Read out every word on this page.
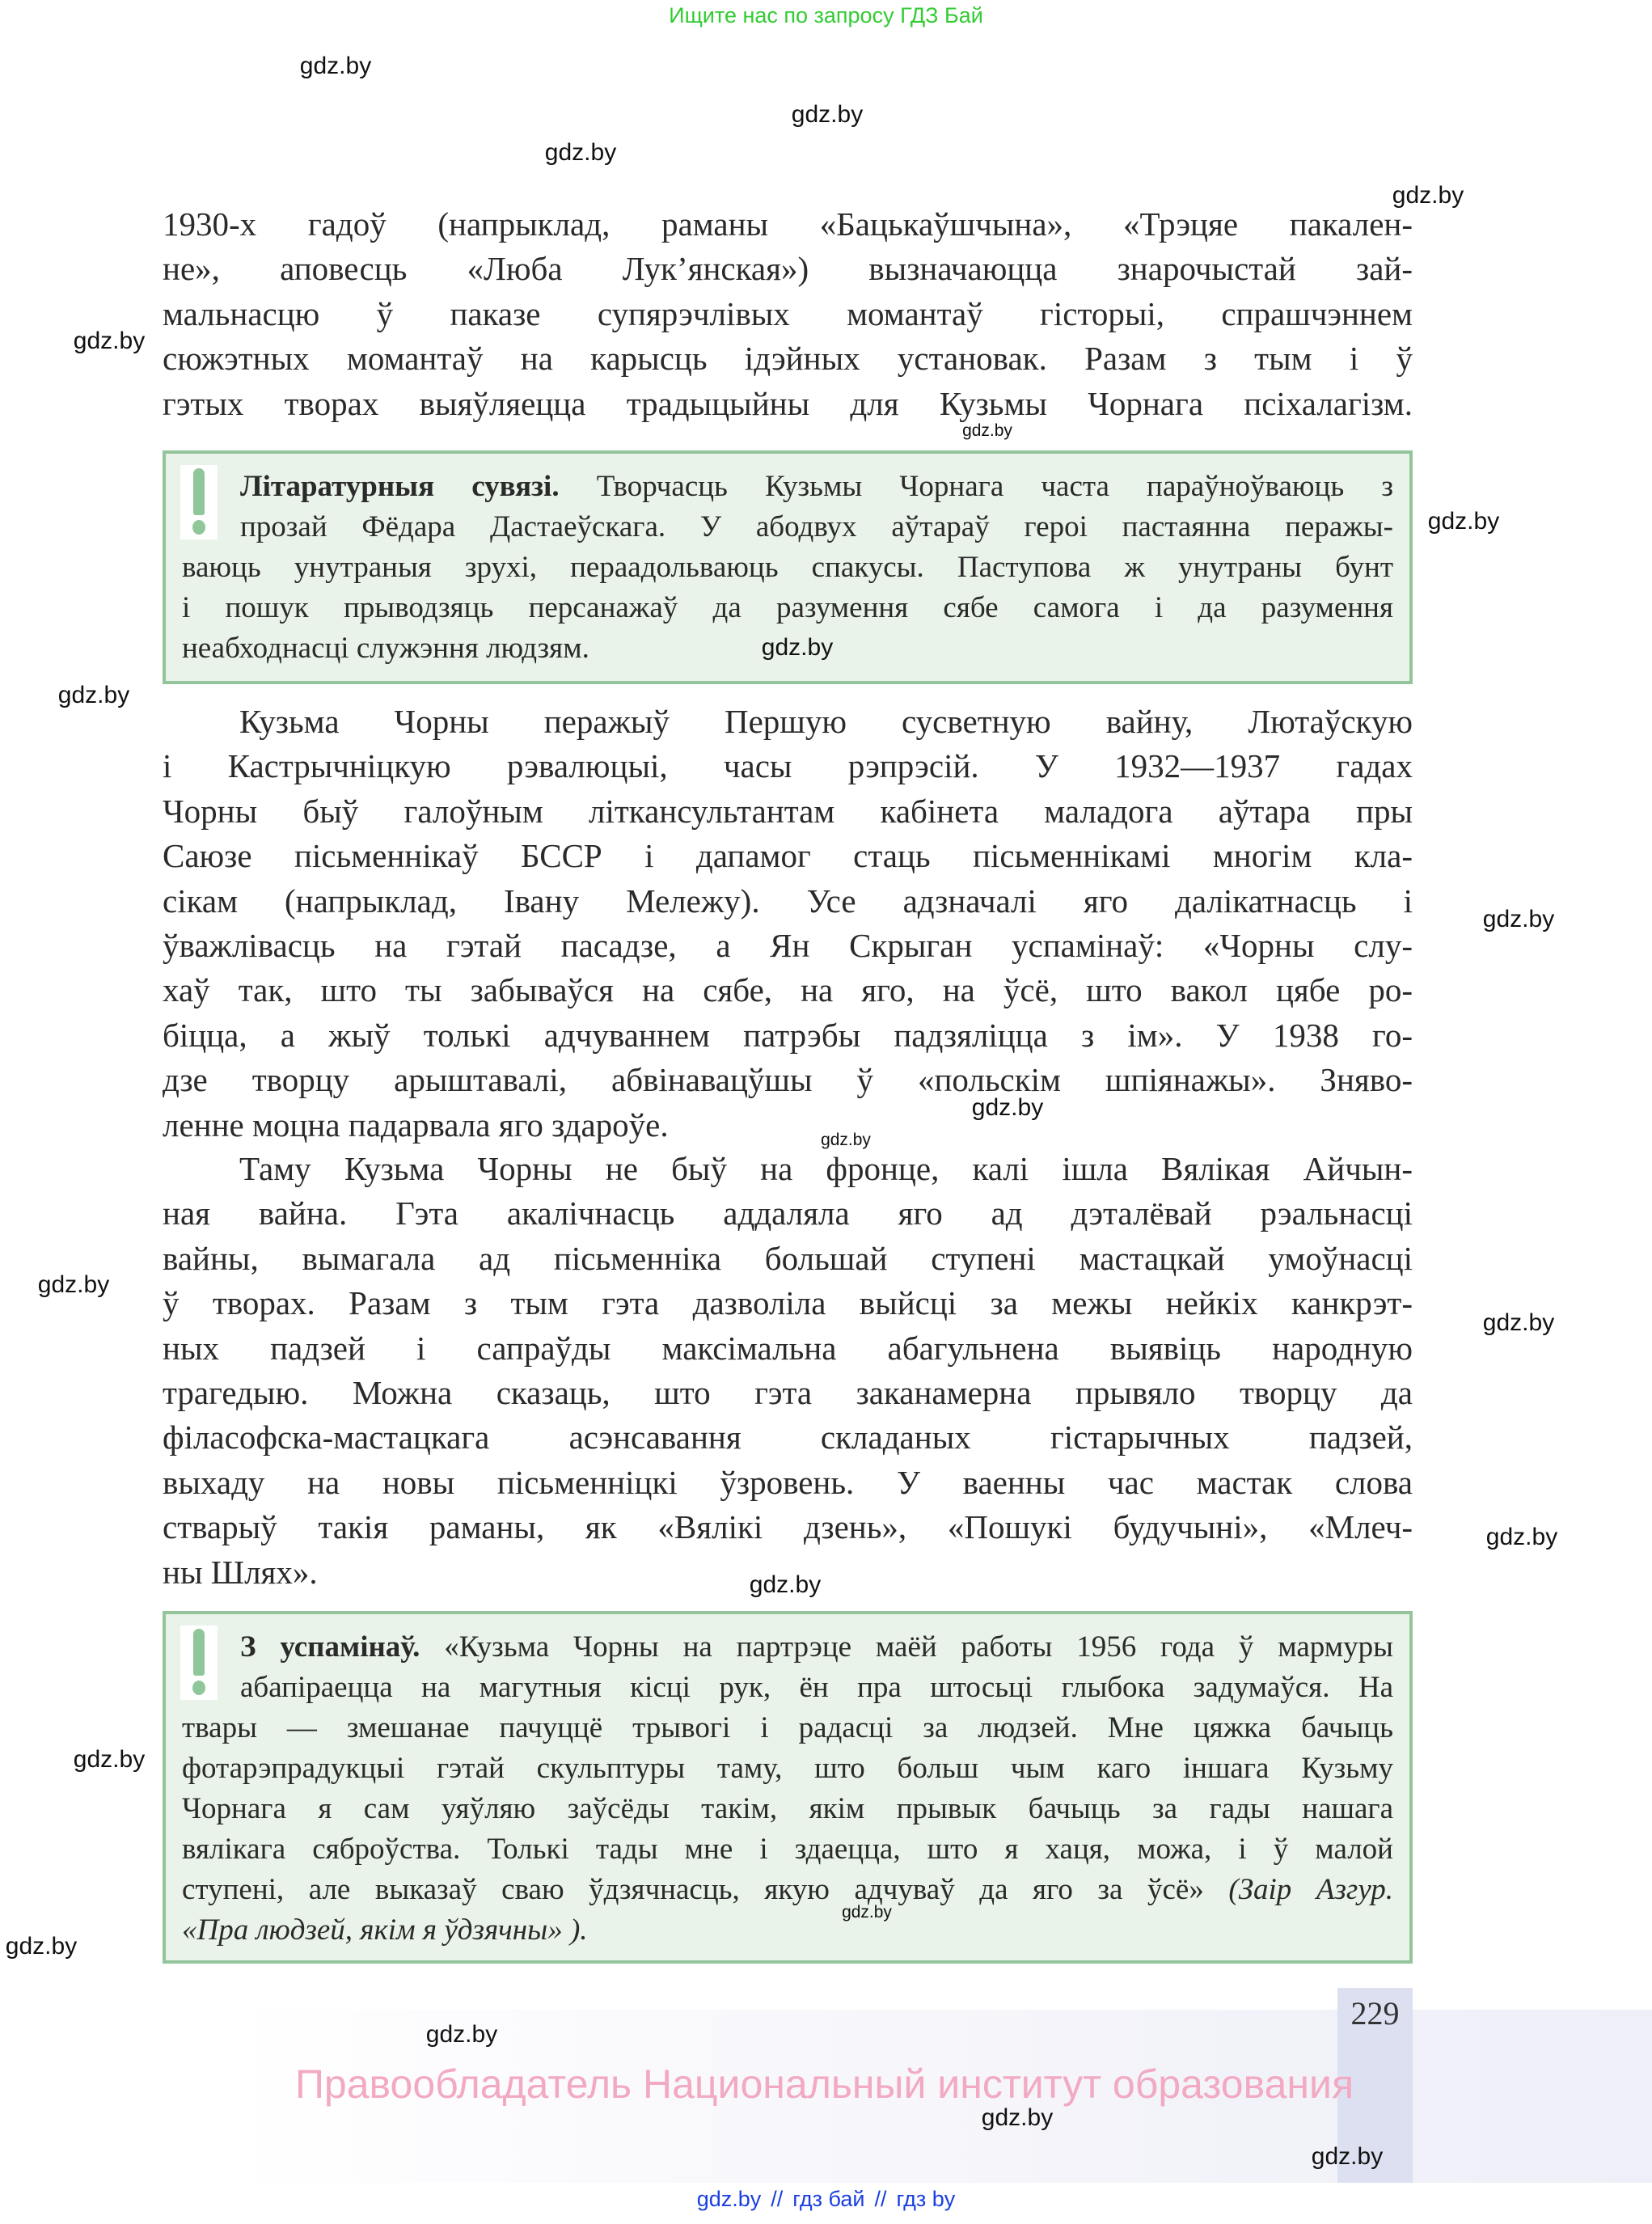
Ищите нас по запросу ГДЗ Бай
229
Правообладатель Национальный институт образования
gdz.by // гдз бай // гдз by
1930-х гадоў (напрыклад, раманы «Бацькаўшчына», «Трэцяе пакален-
не», аповесць «Люба Лук’янская») вызначаюцца знарочыстай зай-
мальнасцю ў паказе супярэчлівых момантаў гісторыі, спрашчэннем
сюжэтных момантаў на карысць ідэйных установак. Разам з тым і ў
гэтых творах выяўляецца традыцыйны для Кузьмы Чорнага псіхалагізм.
Літаратурныя сувязі. Творчасць Кузьмы Чорнага часта параўноўваюць з
прозай Фёдара Дастаеўскага. У абодвух аўтараў героі пастаянна перажы-
ваюць унутраныя зрухі, пераадольваюць спакусы. Паступова ж унутраны бунт
і пошук прыводзяць персанажаў да разумення сябе самога і да разумення
неабходнасці служэння людзям.
Кузьма Чорны перажыў Першую сусветную вайну, Лютаўскую
і Кастрычніцкую рэвалюцыі, часы рэпрэсій. У 1932—1937 гадах
Чорны быў галоўным літкансультантам кабінета маладога аўтара пры
Саюзе пісьменнікаў БССР і дапамог стаць пісьменнікамі многім кла-
сікам (напрыклад, Івану Мележу). Усе адзначалі яго далікатнасць і
ўважлівасць на гэтай пасадзе, а Ян Скрыган успамінаў: «Чорны слу-
хаў так, што ты забываўся на сябе, на яго, на ўсё, што вакол цябе ро-
біцца, а жыў толькі адчуваннем патрэбы падзяліцца з ім». У 1938 го-
дзе творцу арыштавалі, абвінавацўшы ў «польскім шпіянажы». Зняво-
ленне моцна падарвала яго здароўе.
Таму Кузьма Чорны не быў на фронце, калі ішла Вялікая Айчын-
ная вайна. Гэта акалічнасць аддаляла яго ад дэталёвай рэальнасці
вайны, вымагала ад пісьменніка большай ступені мастацкай умоўнасці
ў творах. Разам з тым гэта дазволіла выйсці за межы нейкіх канкрэт-
ных падзей і сапраўды максімальна абагульнена выявіць народную
трагедыю. Можна сказаць, што гэта заканамерна прывяло творцу да
філасофска-мастацкага асэнсавання складаных гістарычных падзей,
выхаду на новы пісьменніцкі ўзровень. У ваенны час мастак слова
стварыў такія раманы, як «Вялікі дзень», «Пошукі будучыні», «Млеч-
ны Шлях».
З успамінаў. «Кузьма Чорны на партрэце маёй работы 1956 года ў мармуры
абапіраецца на магутныя кісці рук, ён пра штосьці глыбока задумаўся. На
твары — змешанае пачуццё трывогі і радасці за людзей. Мне цяжка бачыць
фотарэпрадукцыі гэтай скульптуры таму, што больш чым каго іншага Кузьму
Чорнага я сам уяўляю заўсёды такім, якім прывык бачыць за гады нашага
вялікага сяброўства. Толькі тады мне і здаецца, што я хаця, можа, і ў малой
ступені, але выказаў сваю ўдзячнасць, якую адчуваў да яго за ўсё» (Заір Азгур.
«Пра людзей, якім я ўдзячны» ).
gdz.by
gdz.by
gdz.by
gdz.by
gdz.by
gdz.by
gdz.by
gdz.by
gdz.by
gdz.by
gdz.by
gdz.by
gdz.by
gdz.by
gdz.by
gdz.by
gdz.by
gdz.by
gdz.by
gdz.by
gdz.by
gdz.by
